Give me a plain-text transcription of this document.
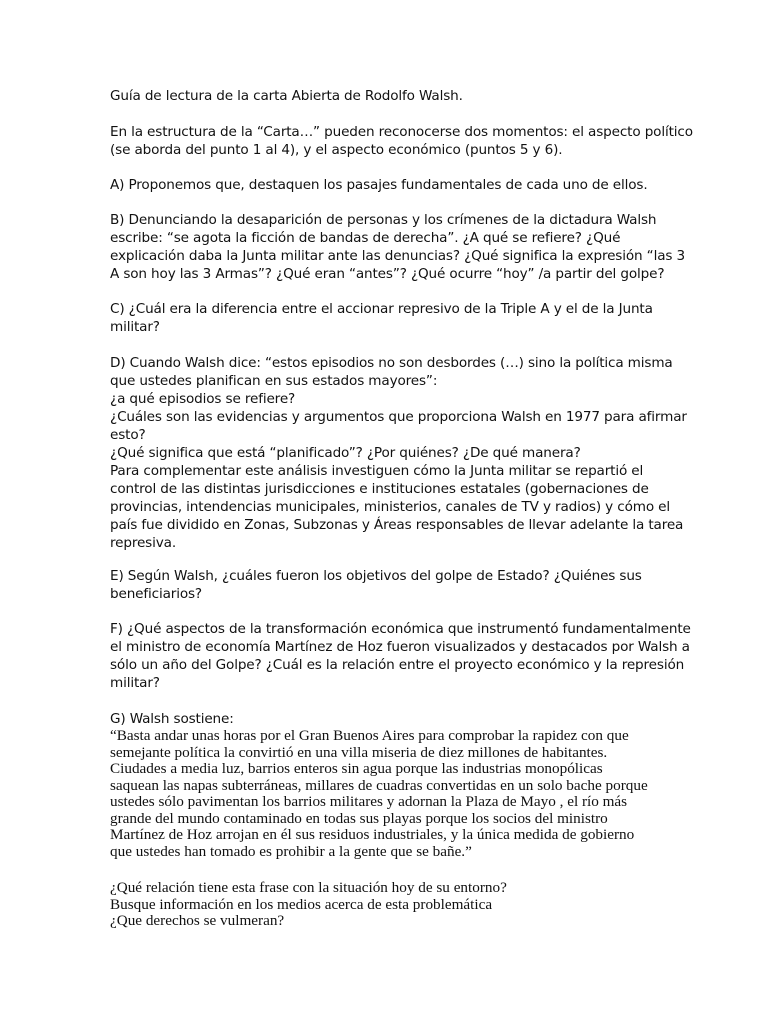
Guía de lectura de la carta Abierta de Rodolfo Walsh.

En la estructura de la “Carta…” pueden reconocerse dos momentos: el aspecto político
(se aborda del punto 1 al 4), y el aspecto económico (puntos 5 y 6).

A) Proponemos que, destaquen los pasajes fundamentales de cada uno de ellos.

B) Denunciando la desaparición de personas y los crímenes de la dictadura Walsh
escribe: “se agota la ficción de bandas de derecha”. ¿A qué se refiere? ¿Qué
explicación daba la Junta militar ante las denuncias? ¿Qué significa la expresión “las 3
A son hoy las 3 Armas”? ¿Qué eran “antes”? ¿Qué ocurre “hoy” /a partir del golpe?

C) ¿Cuál era la diferencia entre el accionar represivo de la Triple A y el de la Junta
militar?

D) Cuando Walsh dice: “estos episodios no son desbordes (…) sino la política misma
que ustedes planifican en sus estados mayores”:
¿a qué episodios se refiere?
¿Cuáles son las evidencias y argumentos que proporciona Walsh en 1977 para afirmar
esto?
¿Qué significa que está “planificado”? ¿Por quiénes? ¿De qué manera?
Para complementar este análisis investiguen cómo la Junta militar se repartió el
control de las distintas jurisdicciones e instituciones estatales (gobernaciones de
provincias, intendencias municipales, ministerios, canales de TV y radios) y cómo el
país fue dividido en Zonas, Subzonas y Áreas responsables de llevar adelante la tarea
represiva.

E) Según Walsh, ¿cuáles fueron los objetivos del golpe de Estado? ¿Quiénes sus
beneficiarios?

F) ¿Qué aspectos de la transformación económica que instrumentó fundamentalmente
el ministro de economía Martínez de Hoz fueron visualizados y destacados por Walsh a
sólo un año del Golpe? ¿Cuál es la relación entre el proyecto económico y la represión
militar?

G) Walsh sostiene:

“Basta andar unas horas por el Gran Buenos Aires para comprobar la rapidez con que
semejante política la convirtió en una villa miseria de diez millones de habitantes.
Ciudades a media luz, barrios enteros sin agua porque las industrias monopólicas
saquean las napas subterráneas, millares de cuadras convertidas en un solo bache porque
ustedes sólo pavimentan los barrios militares y adornan la Plaza de Mayo , el río más
grande del mundo contaminado en todas sus playas porque los socios del ministro
Martínez de Hoz arrojan en él sus residuos industriales, y la única medida de gobierno
que ustedes han tomado es prohibir a la gente que se bañe.”

¿Qué relación tiene esta frase con la situación hoy de su entorno?
Busque información en los medios acerca de esta problemática
¿Que derechos se vulmeran?
